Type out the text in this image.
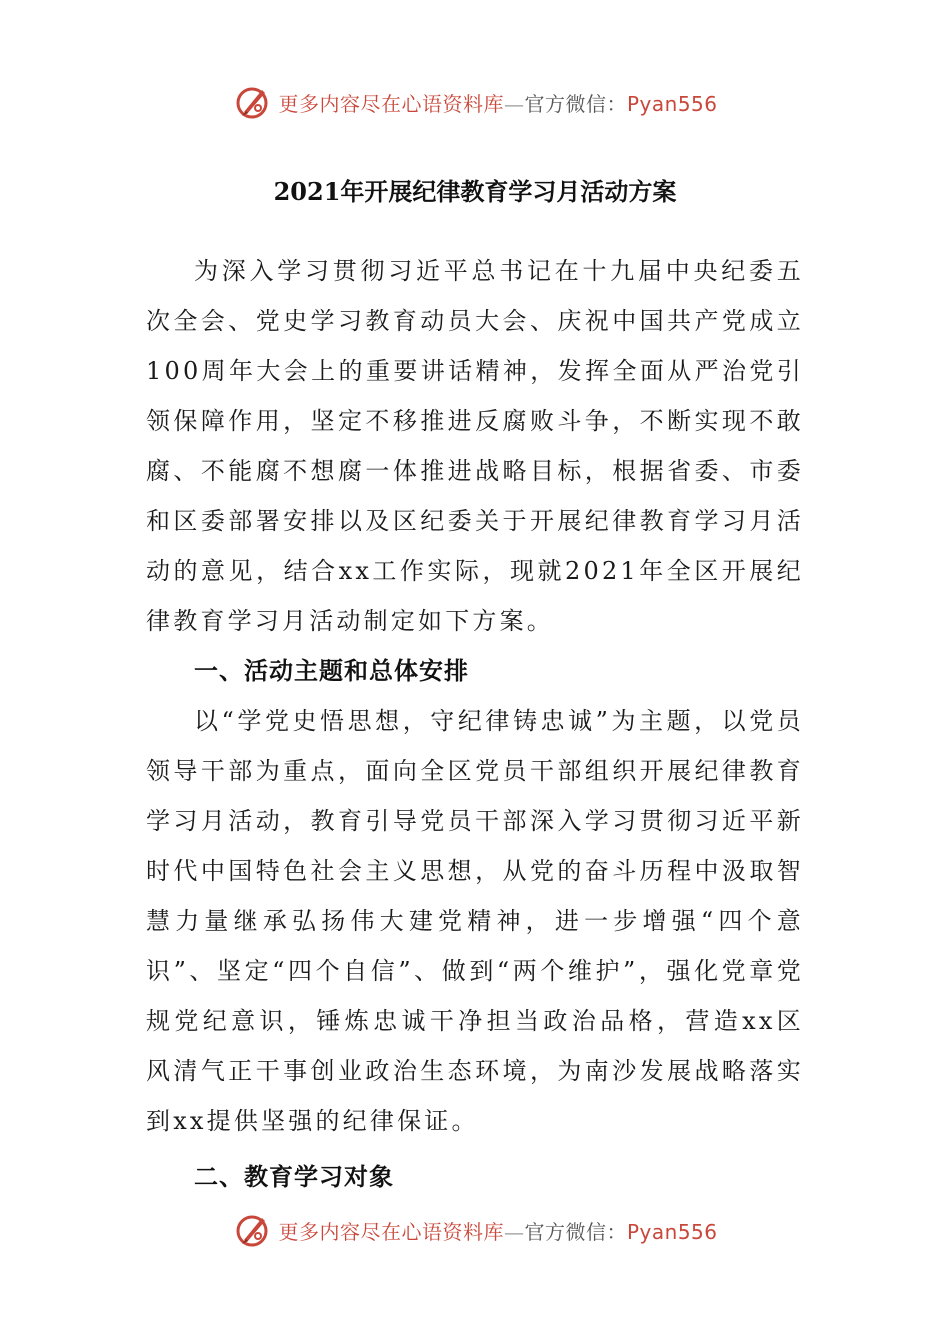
更多内容尽在心语资料库—官方微信：Pyan556
2021年开展纪律教育学习月活动方案

为深入学习贯彻习近平总书记在十九届中央纪委五次全会、党史学习教育动员大会、庆祝中国共产党成立100周年大会上的重要讲话精神，发挥全面从严治党引领保障作用，坚定不移推进反腐败斗争，不断实现不敢腐、不能腐不想腐一体推进战略目标，根据省委、市委和区委部署安排以及区纪委关于开展纪律教育学习月活动的意见，结合xx工作实际，现就2021年全区开展纪律教育学习月活动制定如下方案。

一、活动主题和总体安排

以“学党史悟思想，守纪律铸忠诚”为主题，以党员领导干部为重点，面向全区党员干部组织开展纪律教育学习月活动，教育引导党员干部深入学习贯彻习近平新时代中国特色社会主义思想，从党的奋斗历程中汲取智慧力量继承弘扬伟大建党精神，进一步增强“四个意识”、坚定“四个自信”、做到“两个维护”，强化党章党规党纪意识，锤炼忠诚干净担当政治品格，营造xx区风清气正干事创业政治生态环境，为南沙发展战略落实到xx提供坚强的纪律保证。

二、教育学习对象

更多内容尽在心语资料库—官方微信：Pyan556
